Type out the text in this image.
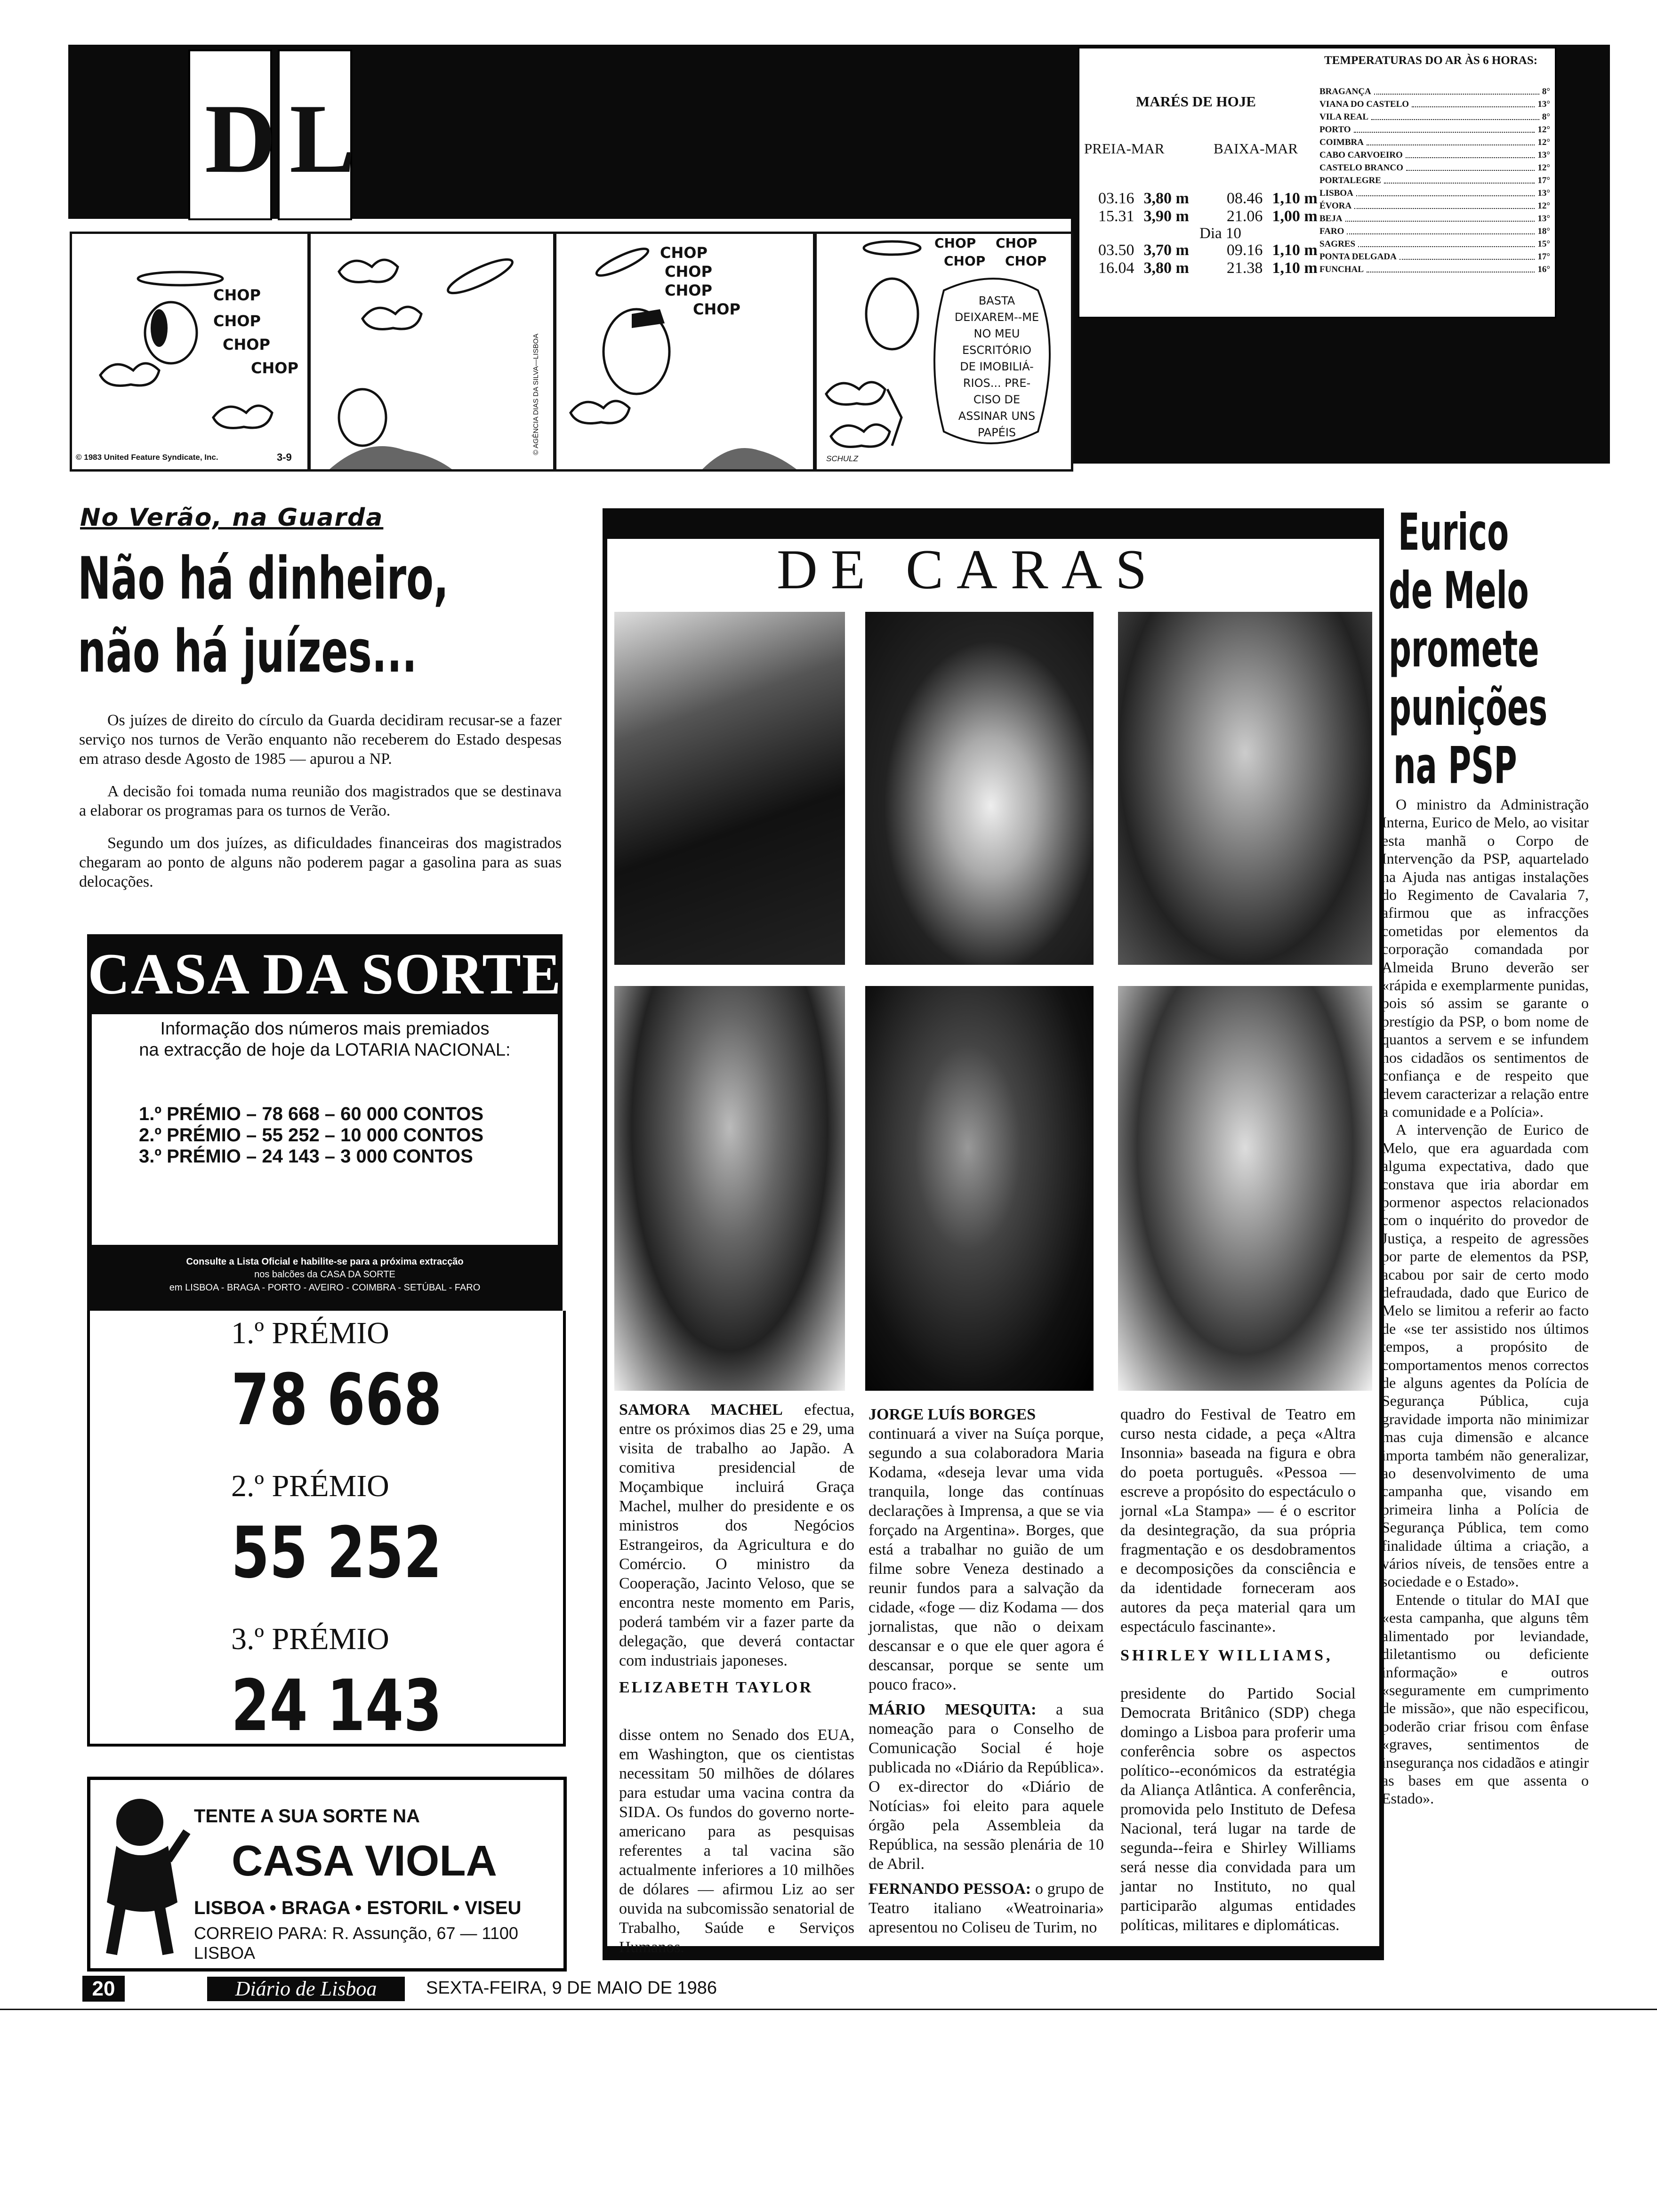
D L
TEMPERATURAS DO AR ÀS 6 HORAS:
MARÉS DE HOJE
PREIA-MAR	BAIXA-MAR
03.16	3,80 m	08.46	1,10 m
15.31	3,90 m	21.06	1,00 m
Dia 10
03.50	3,70 m	09.16	1,10 m
16.04	3,80 m	21.38	1,10 m
BRAGANÇA	8°
VIANA DO CASTELO	13°
VILA REAL	8°
PORTO	12°
COIMBRA	12°
CABO CARVOEIRO	13°
CASTELO BRANCO	12°
PORTALEGRE	17°
LISBOA	13°
ÉVORA	12°
BEJA	13°
FARO	18°
SAGRES	15°
PONTA DELGADA	17°
FUNCHAL	16°
CHOP
CHOP
CHOP
CHOP
© 1983 United Feature Syndicate, Inc.	3-9
© AGÊNCIA DIAS DA SILVA—LISBOA
CHOP
CHOP
CHOP
CHOP
CHOP CHOP
CHOP CHOP
BASTA DEIXAREM--ME NO MEU ESCRITÓRIO DE IMOBILIÁ-RIOS... PRE-CISO DE ASSINAR UNS PAPÉIS
SCHULZ
No Verão, na Guarda
Não há dinheiro,
não há juízes...

Os juízes de direito do círculo da Guarda decidiram recusar-se a fazer serviço nos turnos de Verão enquanto não receberem do Estado despesas em atraso desde Agosto de 1985 — apurou a NP.

A decisão foi tomada numa reunião dos magistrados que se destinava a elaborar os programas para os turnos de Verão.

Segundo um dos juízes, as dificuldades financeiras dos magistrados chegaram ao ponto de alguns não poderem pagar a gasolina para as suas delocações.

CASA DA SORTE
Informação dos números mais premiados
na extracção de hoje da LOTARIA NACIONAL:
1.º PRÉMIO – 78 668 – 60 000 CONTOS
2.º PRÉMIO – 55 252 – 10 000 CONTOS
3.º PRÉMIO – 24 143 – 3 000 CONTOS
Consulte a Lista Oficial e habilite-se para a próxima extracção
nos balcões da CASA DA SORTE
em LISBOA - BRAGA - PORTO - AVEIRO - COIMBRA - SETÚBAL - FARO
1.º PRÉMIO
78 668
2.º PRÉMIO
55 252
3.º PRÉMIO
24 143
TENTE A SUA SORTE NA
CASA VIOLA
LISBOA • BRAGA • ESTORIL • VISEU
CORREIO PARA: R. Assunção, 67 — 1100 LISBOA
DE CARAS

SAMORA MACHEL efectua, entre os próximos dias 25 e 29, uma visita de trabalho ao Japão. A comitiva presidencial de Moçambique incluirá Graça Machel, mulher do presidente e os ministros dos Negócios Estrangeiros, da Agricultura e do Comércio. O ministro da Cooperação, Jacinto Veloso, que se encontra neste momento em Paris, poderá também vir a fazer parte da delegação, que deverá contactar com industriais japoneses.

ELIZABETH TAYLOR

disse ontem no Senado dos EUA, em Washington, que os cientistas necessitam 50 milhões de dólares para estudar uma vacina contra da SIDA. Os fundos do governo norte-americano para as pesquisas referentes a tal vacina são actualmente inferiores a 10 milhões de dólares — afirmou Liz ao ser ouvida na subcomissão senatorial de Trabalho, Saúde e Serviços Humanos.

JORGE LUÍS BORGES

continuará a viver na Suíça porque, segundo a sua colaboradora Maria Kodama, «deseja levar uma vida tranquila, longe das contínuas declarações à Imprensa, a que se via forçado na Argentina». Borges, que está a trabalhar no guião de um filme sobre Veneza destinado a reunir fundos para a salvação da cidade, «foge — diz Kodama — dos jornalistas, que não o deixam descansar e o que ele quer agora é descansar, porque se sente um pouco fraco».

MÁRIO MESQUITA: a sua nomeação para o Conselho de Comunicação Social é hoje publicada no «Diário da República». O ex-director do «Diário de Notícias» foi eleito para aquele órgão pela Assembleia da República, na sessão plenária de 10 de Abril.

FERNANDO PESSOA: o grupo de Teatro italiano «Weatroinaria» apresentou no Coliseu de Turim, no

quadro do Festival de Teatro em curso nesta cidade, a peça «Altra Insonnia» baseada na figura e obra do poeta português. «Pessoa — escreve a propósito do espectáculo o jornal «La Stampa» — é o escritor da desintegração, da sua própria fragmentação e os desdobramentos e decomposições da consciência e da identidade forneceram aos autores da peça material qara um espectáculo fascinante».

SHIRLEY WILLIAMS,

presidente do Partido Social Democrata Britânico (SDP) chega domingo a Lisboa para proferir uma conferência sobre os aspectos político--económicos da estratégia da Aliança Atlântica. A conferência, promovida pelo Instituto de Defesa Nacional, terá lugar na tarde de segunda--feira e Shirley Williams será nesse dia convidada para um jantar no Instituto, no qual participarão algumas entidades políticas, militares e diplomáticas.

Eurico
de Melo
promete
punições
na PSP

O ministro da Administração Interna, Eurico de Melo, ao visitar esta manhã o Corpo de Intervenção da PSP, aquartelado na Ajuda nas antigas instalações do Regimento de Cavalaria 7, afirmou que as infracções cometidas por elementos da corporação comandada por Almeida Bruno deverão ser «rápida e exemplarmente punidas, pois só assim se garante o prestígio da PSP, o bom nome de quantos a servem e se infundem nos cidadãos os sentimentos de confiança e de respeito que devem caracterizar a relação entre a comunidade e a Polícia».

A intervenção de Eurico de Melo, que era aguardada com alguma expectativa, dado que constava que iria abordar em pormenor aspectos relacionados com o inquérito do provedor de Justiça, a respeito de agressões por parte de elementos da PSP, acabou por sair de certo modo defraudada, dado que Eurico de Melo se limitou a referir ao facto de «se ter assistido nos últimos tempos, a propósito de comportamentos menos correctos de alguns agentes da Polícia de Segurança Pública, cuja gravidade importa não minimizar mas cuja dimensão e alcance importa também não generalizar, ao desenvolvimento de uma campanha que, visando em primeira linha a Polícia de Segurança Pública, tem como finalidade última a criação, a vários níveis, de tensões entre a sociedade e o Estado».

Entende o titular do MAI que «esta campanha, que alguns têm alimentado por leviandade, diletantismo ou deficiente informação» e outros «seguramente em cumprimento de missão», que não especificou, poderão criar frisou com ênfase «graves, sentimentos de insegurança nos cidadãos e atingir as bases em que assenta o Estado».

20	Diário de Lisboa	SEXTA-FEIRA, 9 DE MAIO DE 1986
